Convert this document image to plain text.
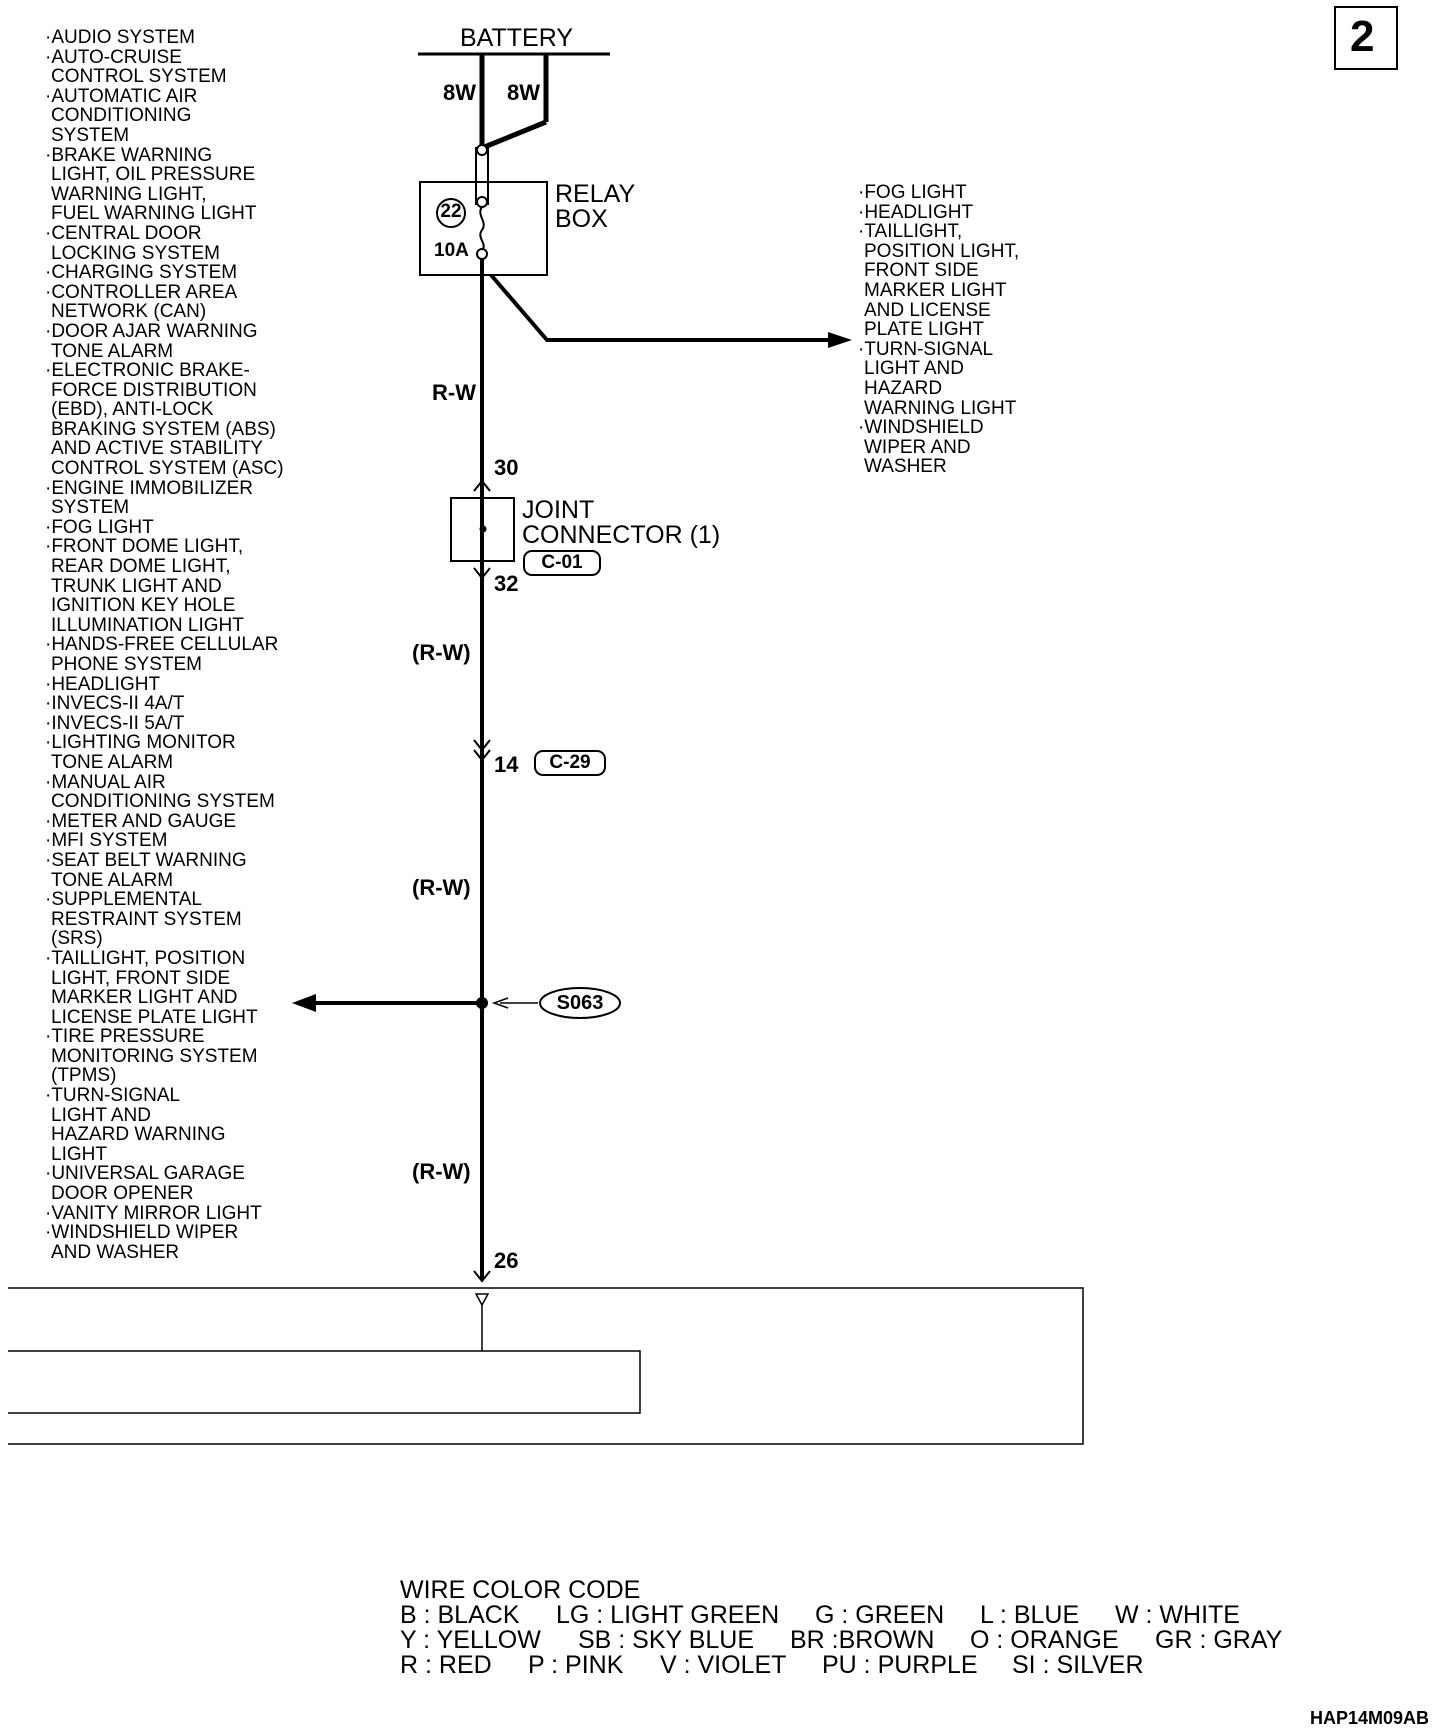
2
BATTERY
8W 8W
RELAY
BOX
22
10A
·FOG LIGHT
·HEADLIGHT
·TAILLIGHT,
POSITION LIGHT,
FRONT SIDE
MARKER LIGHT
AND LICENSE
PLATE LIGHT
·TURN-SIGNAL
LIGHT AND
HAZARD
WARNING LIGHT
·WINDSHIELD
WIPER AND
WASHER
R-W
(R-W)
(R-W)
(R-W)
30
JOINT
CONNECTOR (1)
C-01
32
14	C-29
S063
26
·AUDIO SYSTEM
·AUTO-CRUISE
CONTROL SYSTEM
·AUTOMATIC AIR
CONDITIONING
SYSTEM
·BRAKE WARNING
LIGHT, OIL PRESSURE
WARNING LIGHT,
FUEL WARNING LIGHT
·CENTRAL DOOR
LOCKING SYSTEM
·CHARGING SYSTEM
·CONTROLLER AREA
NETWORK (CAN)
·DOOR AJAR WARNING
TONE ALARM
·ELECTRONIC BRAKE-
FORCE DISTRIBUTION
(EBD), ANTI-LOCK
BRAKING SYSTEM (ABS)
AND ACTIVE STABILITY
CONTROL SYSTEM (ASC)
·ENGINE IMMOBILIZER
SYSTEM
·FOG LIGHT
·FRONT DOME LIGHT,
REAR DOME LIGHT,
TRUNK LIGHT AND
IGNITION KEY HOLE
ILLUMINATION LIGHT
·HANDS-FREE CELLULAR
PHONE SYSTEM
·HEADLIGHT
·INVECS-II 4A/T
·INVECS-II 5A/T
·LIGHTING MONITOR
TONE ALARM
·MANUAL AIR
CONDITIONING SYSTEM
·METER AND GAUGE
·MFI SYSTEM
·SEAT BELT WARNING
TONE ALARM
·SUPPLEMENTAL
RESTRAINT SYSTEM
(SRS)
·TAILLIGHT, POSITION
LIGHT, FRONT SIDE
MARKER LIGHT AND
LICENSE PLATE LIGHT
·TIRE PRESSURE
MONITORING SYSTEM
(TPMS)
·TURN-SIGNAL
LIGHT AND
HAZARD WARNING
LIGHT
·UNIVERSAL GARAGE
DOOR OPENER
·VANITY MIRROR LIGHT
·WINDSHIELD WIPER
AND WASHER
WIRE COLOR CODE
B : BLACK LG : LIGHT GREEN G : GREEN L : BLUE W : WHITE
Y : YELLOW SB : SKY BLUE BR :BROWN O : ORANGE GR : GRAY
R : RED P : PINK V : VIOLET PU : PURPLE SI : SILVER
HAP14M09AB
